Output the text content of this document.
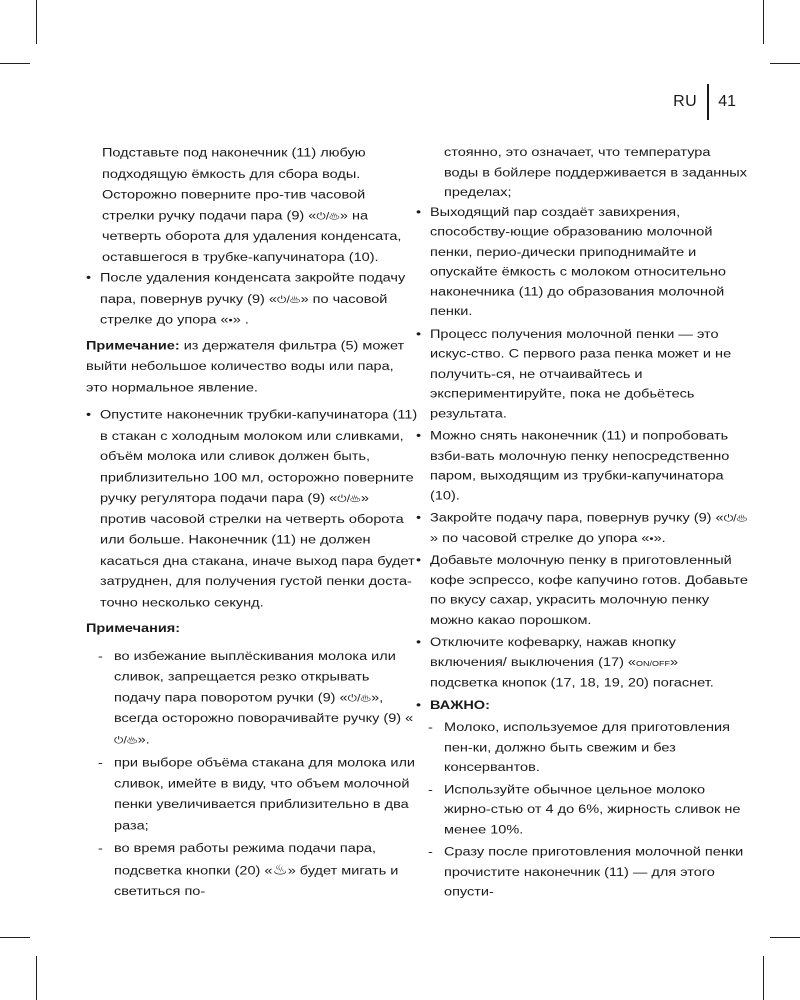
RU	41

Подставьте под наконечник (11) любую подходящую ёмкость для сбора воды. Осторожно поверните про-тив часовой стрелки ручку подачи пара (9) «⏻/♨» на четверть оборота для удаления конденсата, оставшегося в трубке-капучинатора (10).

• После удаления конденсата закройте подачу пара, повернув ручку (9) «⏻/♨» по часовой стрелке до упора «•» .

Примечание: из держателя фильтра (5) может выйти небольшое количество воды или пара, это нормальное явление.

• Опустите наконечник трубки-капучинатора (11) в стакан с холодным молоком или сливками, объём молока или сливок должен быть, приблизительно 100 мл, осторожно поверните ручку регулятора подачи пара (9) «⏻/♨» против часовой стрелки на четверть оборота или больше. Наконечник (11) не должен касаться дна стакана, иначе выход пара будет затруднен, для получения густой пенки доста-точно несколько секунд.

Примечания:

- во избежание выплёскивания молока или сливок, запрещается резко открывать подачу пара поворотом ручки (9) «⏻/♨», всегда осторожно поворачивайте ручку (9) «⏻/♨».
- при выборе объёма стакана для молока или сливок, имейте в виду, что объем молочной пенки увеличивается приблизительно в два раза;
- во время работы режима подачи пара, подсветка кнопки (20) «♨» будет мигать и светиться по-

стоянно, это означает, что температура воды в бойлере поддерживается в заданных пределах;

• Выходящий пар создаёт завихрения, способству-ющие образованию молочной пенки, перио-дически приподнимайте и опускайте ёмкость с молоком относительно наконечника (11) до образования молочной пенки.
• Процесс получения молочной пенки — это искус-ство. С первого раза пенка может и не получить-ся, не отчаивайтесь и экспериментируйте, пока не добьётесь результата.
• Можно снять наконечник (11) и попробовать взби-вать молочную пенку непосредственно паром, выходящим из трубки-капучинатора (10).
• Закройте подачу пара, повернув ручку (9) «⏻/♨» по часовой стрелке до упора «•».
• Добавьте молочную пенку в приготовленный кофе эспрессо, кофе капучино готов. Добавьте по вкусу сахар, украсить молочную пенку можно какао порошком.
• Отключите кофеварку, нажав кнопку включения/ выключения (17) «ON/OFF» подсветка кнопок (17, 18, 19, 20) погаснет.
• ВАЖНО:
- Молоко, используемое для приготовления пен-ки, должно быть свежим и без консервантов.
- Используйте обычное цельное молоко жирно-стью от 4 до 6%, жирность сливок не менее 10%.
- Сразу после приготовления молочной пенки прочистите наконечник (11) — для этого опусти-
